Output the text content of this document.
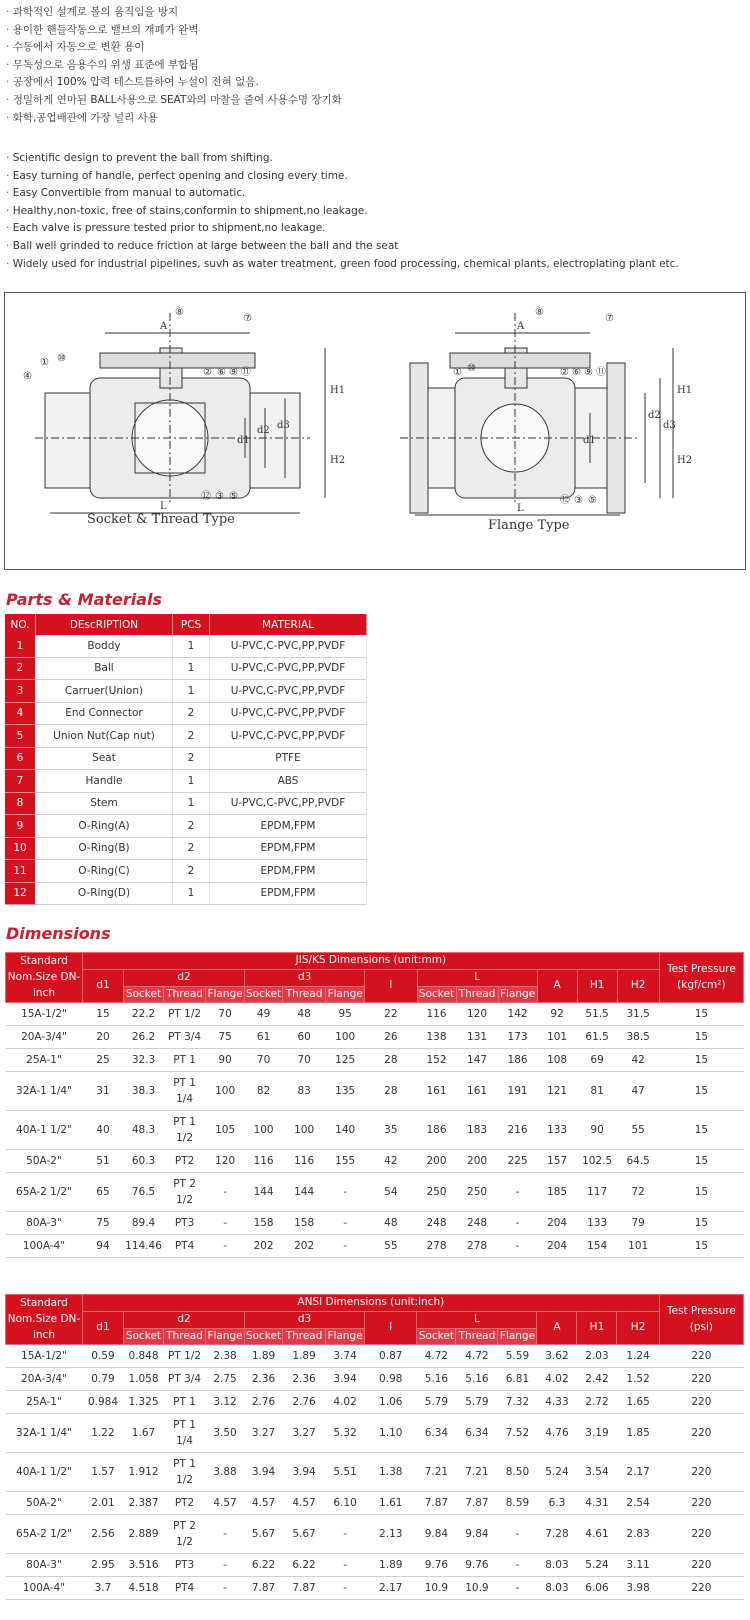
· 과학적인 설계로 볼의 움직임을 방지
· 용이한 핸들작동으로 밸브의 개폐가 완벽
· 수동에서 자동으로 변환 용이
· 무독성으로 음용수의 위생 표준에 부합됨
· 공장에서 100% 압력 테스트를하여 누설이 전혀 없음.
· 정밀하게 연마된 BALL사용으로 SEAT와의 마찰을 줄여 사용수명 장기화
· 화학,공업배관에 가장 널리 사용
· Scientific design to prevent the ball from shifting.
· Easy turning of handle, perfect opening and closing every time.
· Easy Convertible from manual to automatic.
· Healthy,non-toxic, free of stains,conformin to shipment,no leakage.
· Each valve is pressure tested prior to shipment,no leakage.
· Ball well grinded to reduce friction at large between the ball and the seat
· Widely used for industrial pipelines, suvh as water treatment, green food processing, chemical plants, electroplating plant etc.
A
L
H1
H2
d1
d2 d3
⑧
⑦
⑩
①
④	② ⑥ ⑨ ⑪
⑫ ③ ⑤
Socket & Thread Type
A
L
H1
H2
d1
d2
d3
⑧
⑦
⑩
①	② ⑥ ⑨ ⑪
⑫ ③ ⑤
Flange Type
Parts & Materials
NO.	DEscRIPTION	PCS	MATERIAL
1	Boddy	1	U-PVC,C-PVC,PP,PVDF
2	Ball	1	U-PVC,C-PVC,PP,PVDF
3	Carruer(Union)	1	U-PVC,C-PVC,PP,PVDF
4	End Connector	2	U-PVC,C-PVC,PP,PVDF
5	Union Nut(Cap nut)	2	U-PVC,C-PVC,PP,PVDF
6	Seat	2	PTFE
7	Handle	1	ABS
8	Stem	1	U-PVC,C-PVC,PP,PVDF
9	O-Ring(A)	2	EPDM,FPM
10	O-Ring(B)	2	EPDM,FPM
11	O-Ring(C)	2	EPDM,FPM
12	O-Ring(D)	1	EPDM,FPM
Dimensions
Standard Nom.Size DN-inch	JIS/KS Dimensions (unit:mm)														Test Pressure (kgf/cm²)
	d1	d2			d3			l	L			A	H1	H2	
		Socket	Thread	Flange	Socket	Thread	Flange		Socket	Thread	Flange				
15A-1/2"	15	22.2	PT 1/2	70	49	48	95	22	116	120	142	92	51.5	31.5	15
20A-3/4"	20	26.2	PT 3/4	75	61	60	100	26	138	131	173	101	61.5	38.5	15
25A-1"	25	32.3	PT 1	90	70	70	125	28	152	147	186	108	69	42	15
32A-1 1/4"	31	38.3	PT 1 1/4	100	82	83	135	28	161	161	191	121	81	47	15
40A-1 1/2"	40	48.3	PT 1 1/2	105	100	100	140	35	186	183	216	133	90	55	15
50A-2"	51	60.3	PT2	120	116	116	155	42	200	200	225	157	102.5	64.5	15
65A-2 1/2"	65	76.5	PT 2 1/2	-	144	144	-	54	250	250	-	185	117	72	15
80A-3"	75	89.4	PT3	-	158	158	-	48	248	248	-	204	133	79	15
100A-4"	94	114.46	PT4	-	202	202	-	55	278	278	-	204	154	101	15
Standard Nom.Size DN-inch	ANSI Dimensions (unit:inch)														Test Pressure (psi)
	d1	d2			d3			l	L			A	H1	H2	
		Socket	Thread	Flange	Socket	Thread	Flange		Socket	Thread	Flange				
15A-1/2"	0.59	0.848	PT 1/2	2.38	1.89	1.89	3.74	0.87	4.72	4.72	5.59	3.62	2.03	1.24	220
20A-3/4"	0.79	1.058	PT 3/4	2.75	2.36	2.36	3.94	0.98	5.16	5.16	6.81	4.02	2.42	1.52	220
25A-1"	0.984	1.325	PT 1	3.12	2.76	2.76	4.02	1.06	5.79	5.79	7.32	4.33	2.72	1.65	220
32A-1 1/4"	1.22	1.67	PT 1 1/4	3.50	3.27	3.27	5.32	1.10	6.34	6.34	7.52	4.76	3.19	1.85	220
40A-1 1/2"	1.57	1.912	PT 1 1/2	3.88	3.94	3.94	5.51	1.38	7.21	7.21	8.50	5.24	3.54	2.17	220
50A-2"	2.01	2.387	PT2	4.57	4.57	4.57	6.10	1.61	7.87	7.87	8.59	6.3	4.31	2.54	220
65A-2 1/2"	2.56	2.889	PT 2 1/2	-	5.67	5.67	-	2.13	9.84	9.84	-	7.28	4.61	2.83	220
80A-3"	2.95	3.516	PT3	-	6.22	6.22	-	1.89	9.76	9.76	-	8.03	5.24	3.11	220
100A-4"	3.7	4.518	PT4	-	7.87	7.87	-	2.17	10.9	10.9	-	8.03	6.06	3.98	220
